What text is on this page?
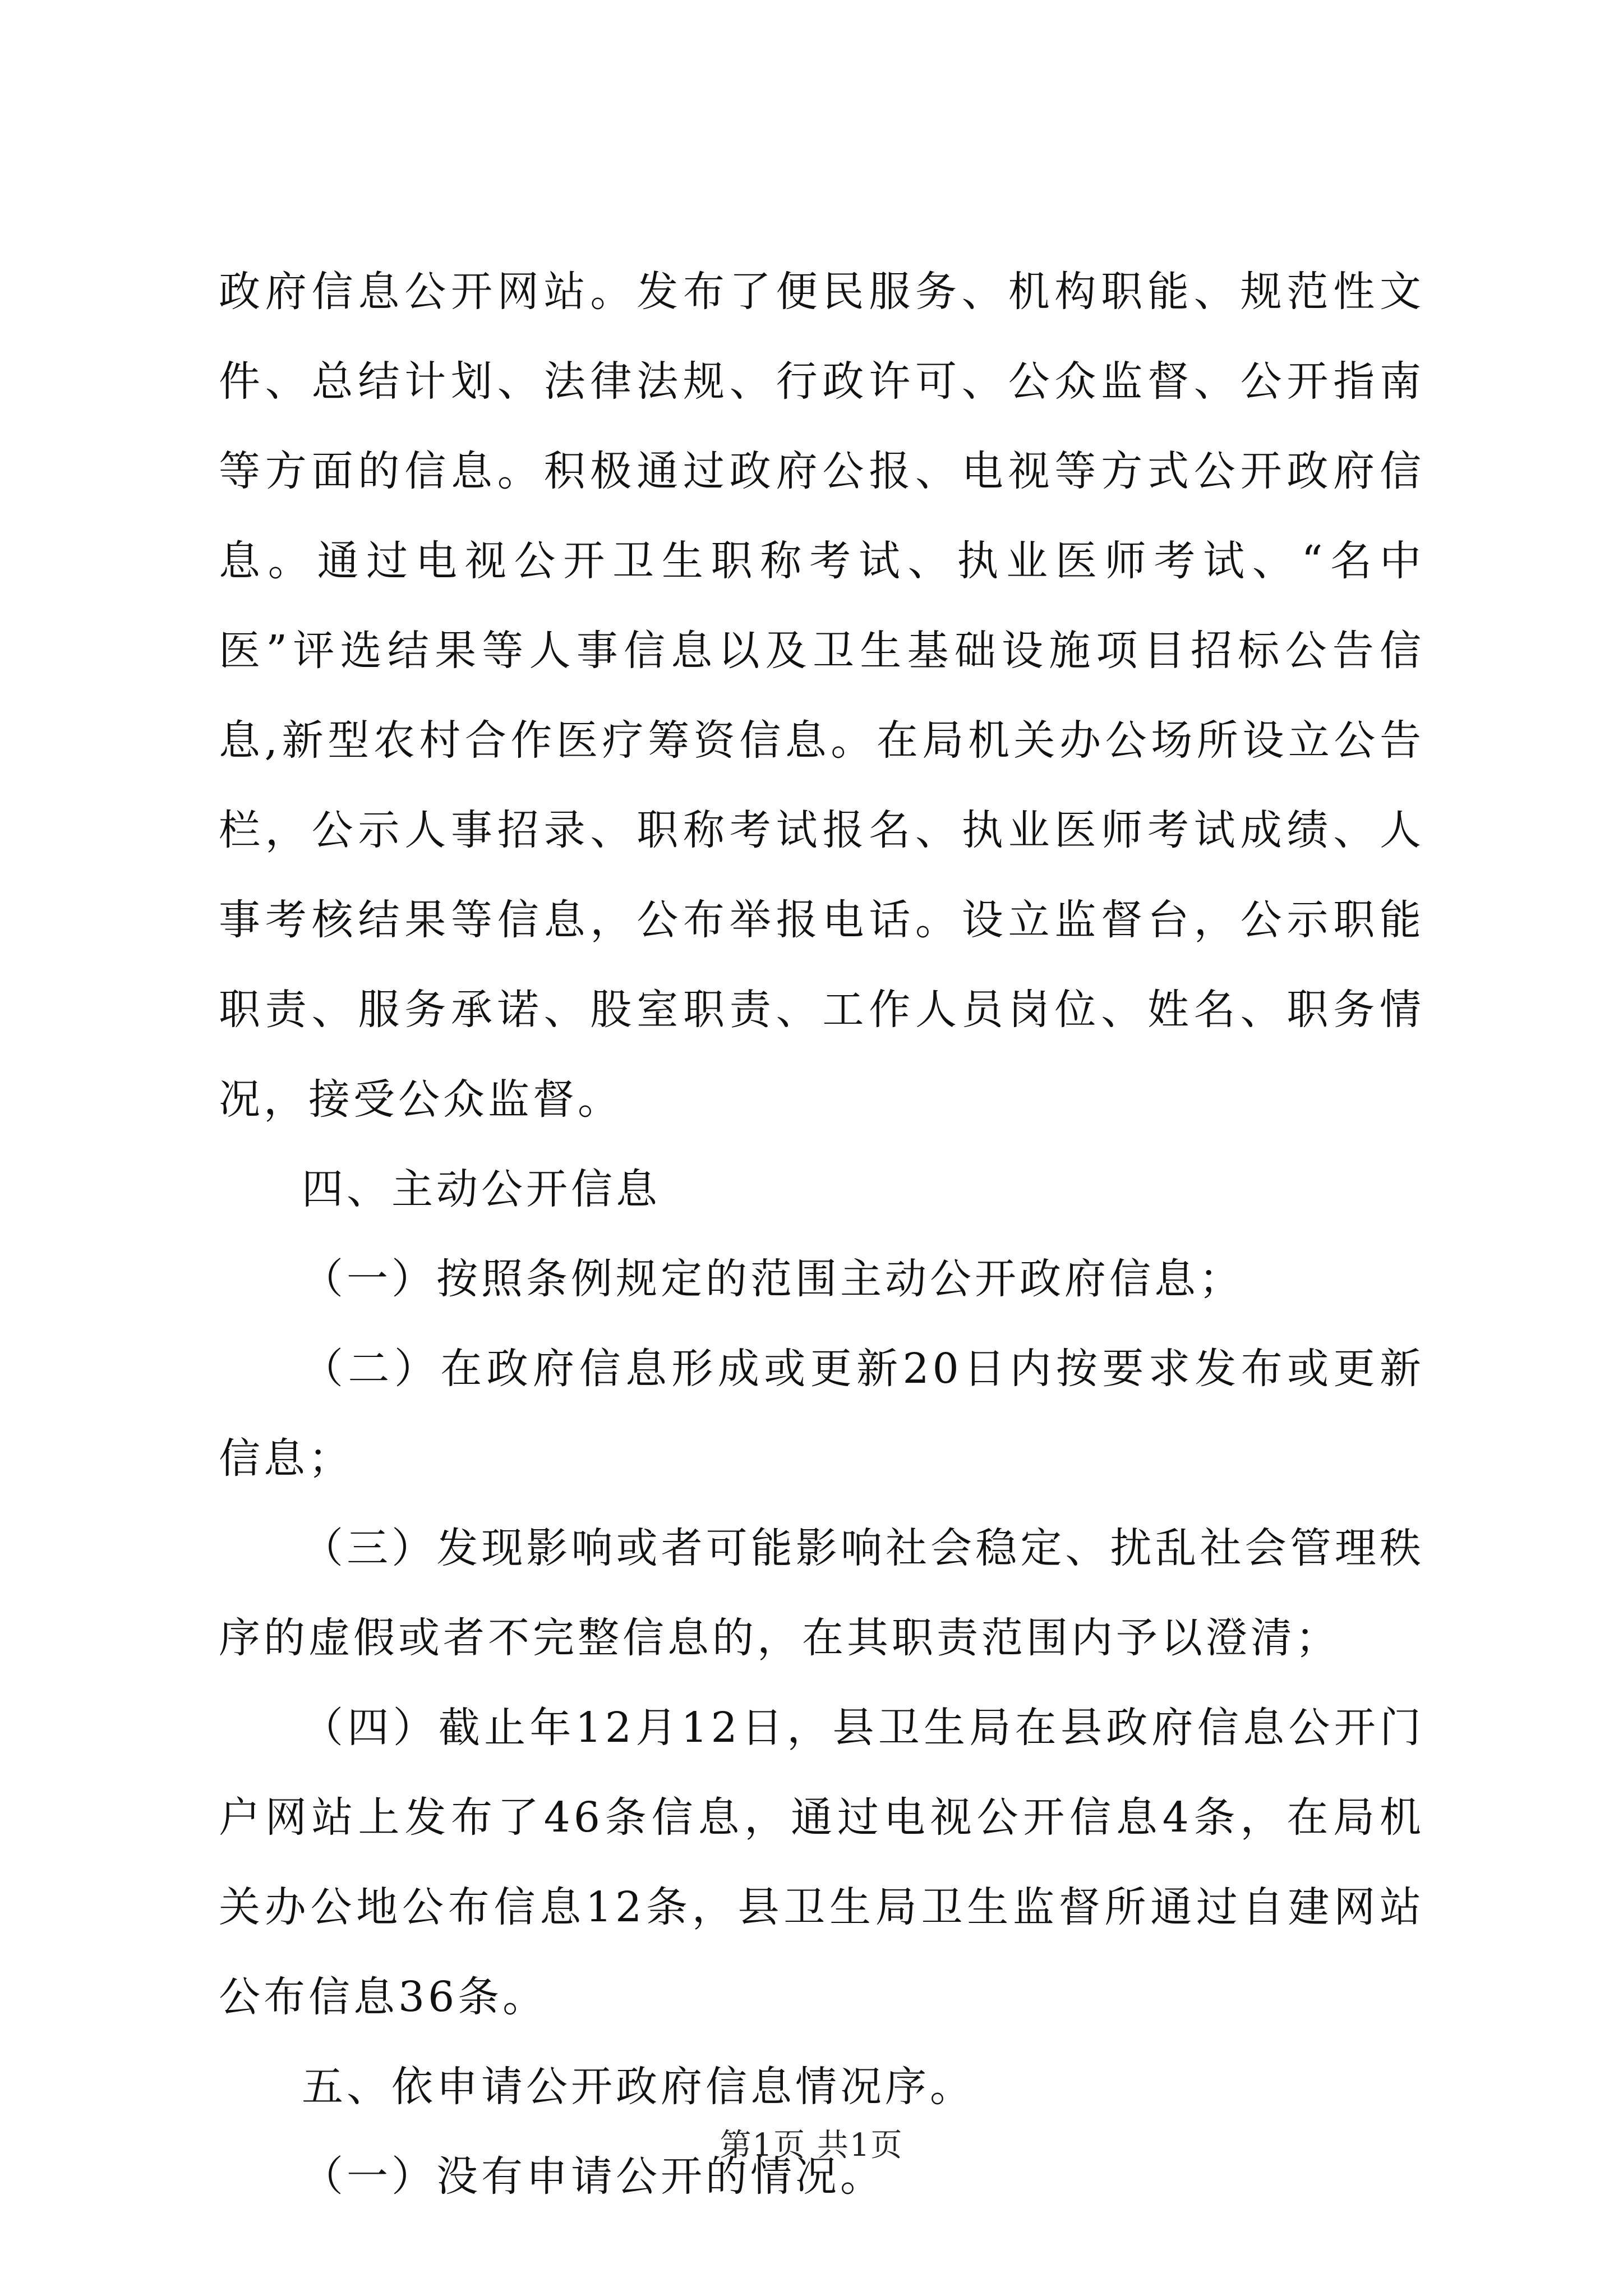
政府信息公开网站。发布了便民服务、机构职能、规范性文件、总结计划、法律法规、行政许可、公众监督、公开指南等方面的信息。积极通过政府公报、电视等方式公开政府信息。通过电视公开卫生职称考试、执业医师考试、“名中医”评选结果等人事信息以及卫生基础设施项目招标公告信息,新型农村合作医疗筹资信息。在局机关办公场所设立公告栏，公示人事招录、职称考试报名、执业医师考试成绩、人事考核结果等信息，公布举报电话。设立监督台，公示职能职责、服务承诺、股室职责、工作人员岗位、姓名、职务情况，接受公众监督。

四、主动公开信息

（一）按照条例规定的范围主动公开政府信息；

（二）在政府信息形成或更新20日内按要求发布或更新信息；

（三）发现影响或者可能影响社会稳定、扰乱社会管理秩序的虚假或者不完整信息的，在其职责范围内予以澄清；

（四）截止年12月12日，县卫生局在县政府信息公开门户网站上发布了46条信息，通过电视公开信息4条，在局机关办公地公布信息12条，县卫生局卫生监督所通过自建网站公布信息36条。

五、依申请公开政府信息情况序。

（一）没有申请公开的情况。

第1页 共1页
